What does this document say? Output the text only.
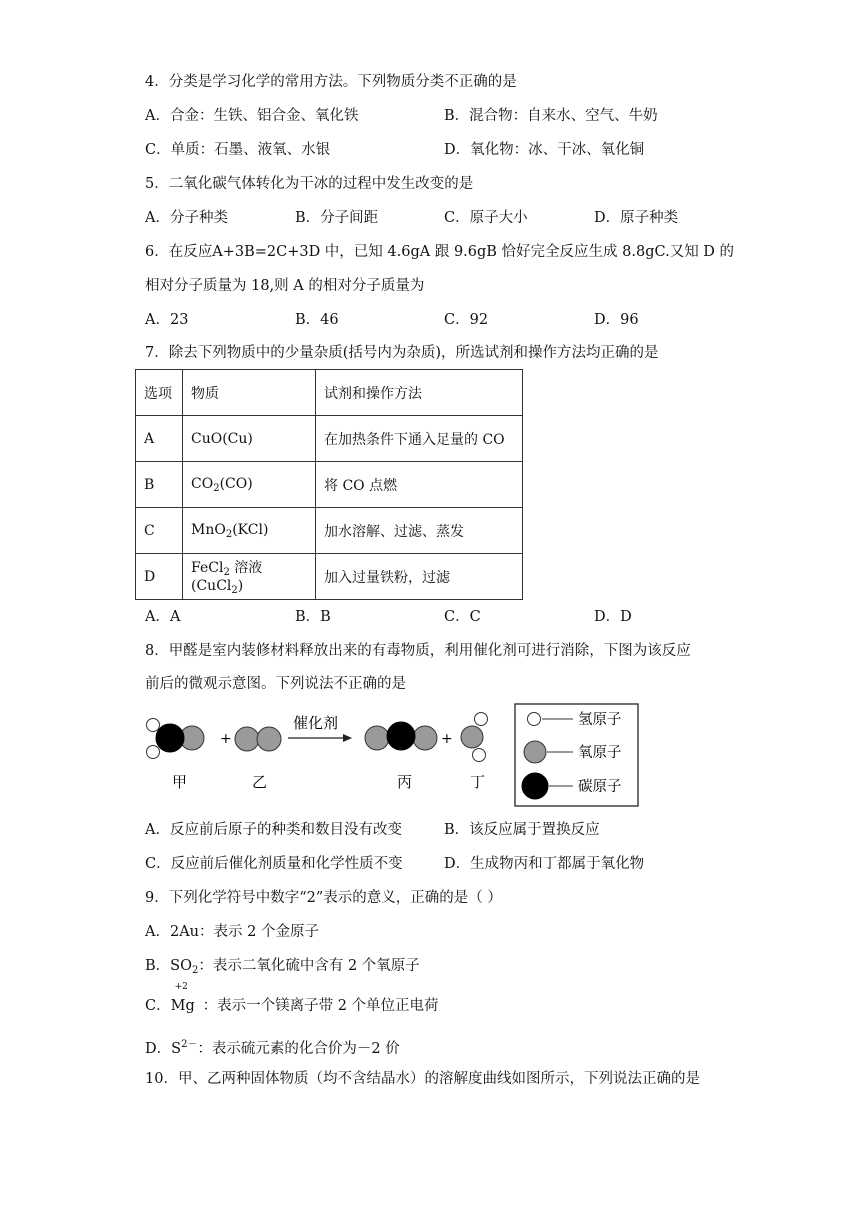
4．分类是学习化学的常用方法。下列物质分类不正确的是
A．合金：生铁、铝合金、氧化铁	B．混合物：自来水、空气、牛奶
C．单质：石墨、液氧、水银	D．氧化物：冰、干冰、氧化铜
5．二氧化碳气体转化为干冰的过程中发生改变的是
A．分子种类	B．分子间距	C．原子大小	D．原子种类
6．在反应A+3B=2C+3D 中，已知 4.6gA 跟 9.6gB 恰好完全反应生成 8.8gC.又知 D 的
相对分子质量为 18,则 A 的相对分子质量为
A．23	B．46	C．92	D．96
7．除去下列物质中的少量杂质(括号内为杂质)，所选试剂和操作方法均正确的是
选项	物质	试剂和操作方法
A	CuO(Cu)	在加热条件下通入足量的 CO
B	$CO_2(CO)$	将 CO 点燃
C	MnO$_2$(KCl)	加水溶解、过滤、蒸发
D	FeCl$_2$ 溶液(CuCl$_2$)	加入过量铁粉，过滤
A．A	B．B	C．C	D．D
8．甲醛是室内装修材料释放出来的有毒物质，利用催化剂可进行消除，下图为该反应
前后的微观示意图。下列说法不正确的是
+
催化剂
+
甲	乙	丙	丁
氢原子
氧原子
碳原子
A．反应前后原子的种类和数目没有改变	B．该反应属于置换反应
C．反应前后催化剂质量和化学性质不变	D．生成物丙和丁都属于氧化物
9．下列化学符号中数字“2”表示的意义，正确的是（ ）
A．2Au：表示 2 个金原子
B．$SO_2$：表示二氧化硫中含有 2 个氧原子
C．
+2
Mg ：表示一个镁离子带 2 个单位正电荷
D．$S^{2-}$：表示硫元素的化合价为－2 价
10．甲、乙两种固体物质（均不含结晶水）的溶解度曲线如图所示，下列说法正确的是
